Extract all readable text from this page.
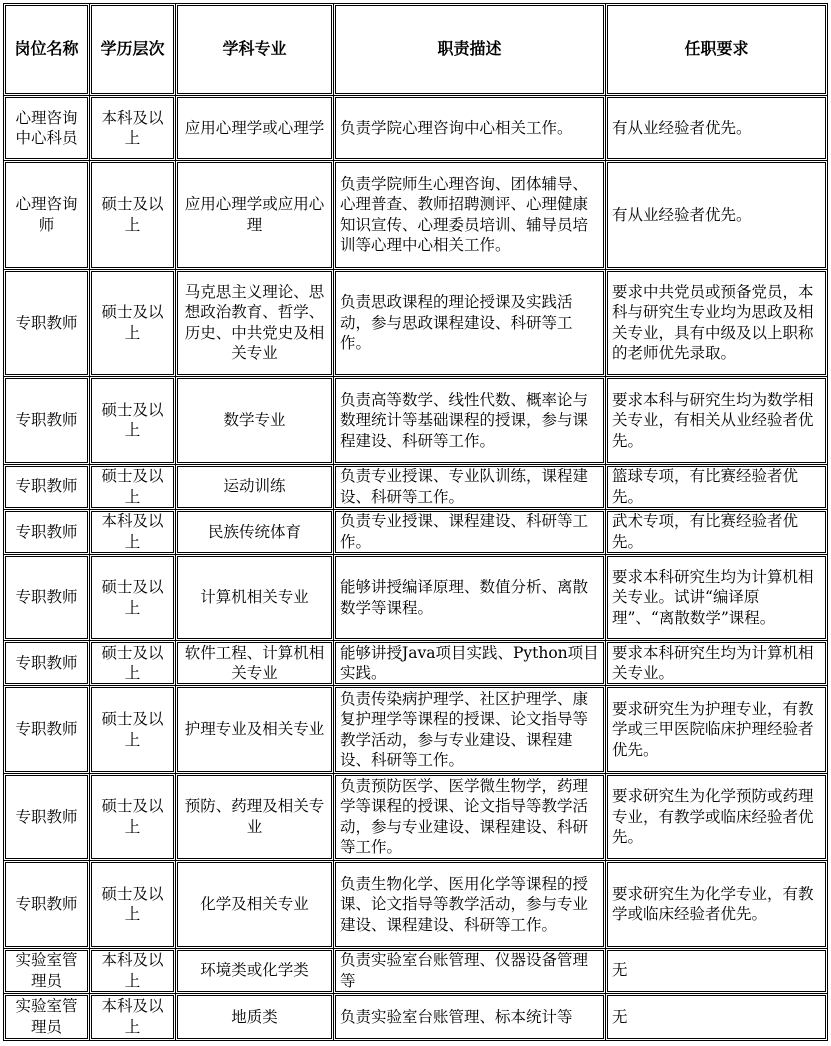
岗位名称	学历层次	学科专业	职责描述	任职要求
心理咨询中心科员	本科及以上	应用心理学或心理学	负责学院心理咨询中心相关工作。	有从业经验者优先。
心理咨询师	硕士及以上	应用心理学或应用心理	负责学院师生心理咨询、团体辅导、心理普查、教师招聘测评、心理健康知识宣传、心理委员培训、辅导员培训等心理中心相关工作。	有从业经验者优先。
专职教师	硕士及以上	马克思主义理论、思想政治教育、哲学、历史、中共党史及相关专业	负责思政课程的理论授课及实践活动，参与思政课程建设、科研等工作。	要求中共党员或预备党员，本科与研究生专业均为思政及相关专业，具有中级及以上职称的老师优先录取。
专职教师	硕士及以上	数学专业	负责高等数学、线性代数、概率论与数理统计等基础课程的授课，参与课程建设、科研等工作。	要求本科与研究生均为数学相关专业，有相关从业经验者优先。
专职教师	硕士及以上	运动训练	负责专业授课、专业队训练，课程建设、科研等工作。	篮球专项，有比赛经验者优先。
专职教师	本科及以上	民族传统体育	负责专业授课、课程建设、科研等工作。	武术专项，有比赛经验者优先。
专职教师	硕士及以上	计算机相关专业	能够讲授编译原理、数值分析、离散数学等课程。	要求本科研究生均为计算机相关专业。试讲“编译原理”、“离散数学”课程。
专职教师	硕士及以上	软件工程、计算机相关专业	能够讲授Java项目实践、Python项目实践。	要求本科研究生均为计算机相关专业。
专职教师	硕士及以上	护理专业及相关专业	负责传染病护理学、社区护理学、康复护理学等课程的授课、论文指导等教学活动，参与专业建设、课程建设、科研等工作。	要求研究生为护理专业，有教学或三甲医院临床护理经验者优先。
专职教师	硕士及以上	预防、药理及相关专业	负责预防医学、医学微生物学，药理学等课程的授课、论文指导等教学活动，参与专业建设、课程建设、科研等工作。	要求研究生为化学预防或药理专业，有教学或临床经验者优先。
专职教师	硕士及以上	化学及相关专业	负责生物化学、医用化学等课程的授课、论文指导等教学活动，参与专业建设、课程建设、科研等工作。	要求研究生为化学专业，有教学或临床经验者优先。
实验室管理员	本科及以上	环境类或化学类	负责实验室台账管理、仪器设备管理等	无
实验室管理员	本科及以上	地质类	负责实验室台账管理、标本统计等	无
